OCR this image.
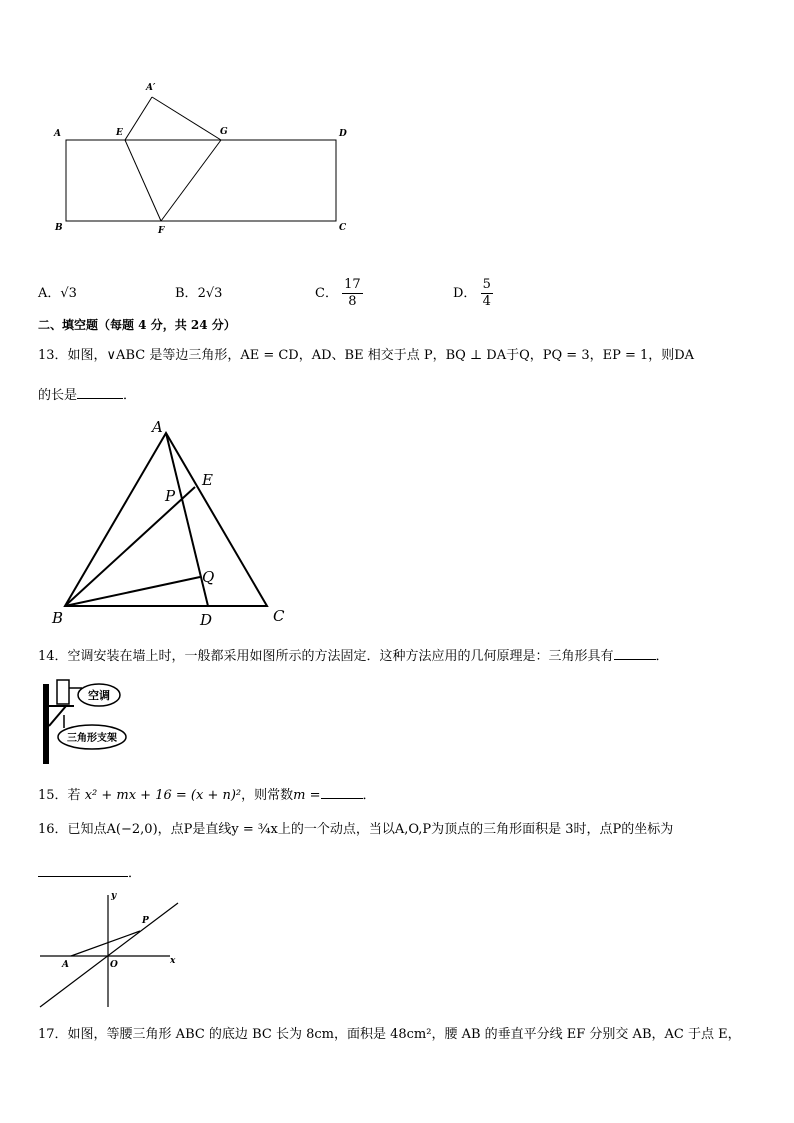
A′
A	E	G	D
B	F	C
A．√3	B．2√3	C． $\frac{17}{8}$	D． $\frac{5}{4}$
二、填空题（每题 4 分，共 24 分）
13．如图，∨ABC 是等边三角形，AE = CD，AD、BE 相交于点 P，BQ ⊥ DA于Q，PQ = 3，EP = 1，则DA
的长是	．
A
E
P
Q
B	D	C
14．空调安装在墙上时，一般都采用如图所示的方法固定．这种方法应用的几何原理是：三角形具有	．
空调
三角形支架
15．若 x² + mx + 16 = (x + n)²，则常数m =	．
16．已知点A(−2,0)，点P是直线y = ¾x上的一个动点，当以A,O,P为顶点的三角形面积是 3时，点P的坐标为
．
y
x
O
A
P
17．如图，等腰三角形 ABC 的底边 BC 长为 8cm，面积是 48cm²，腰 AB 的垂直平分线 EF 分别交 AB，AC 于点 E，
